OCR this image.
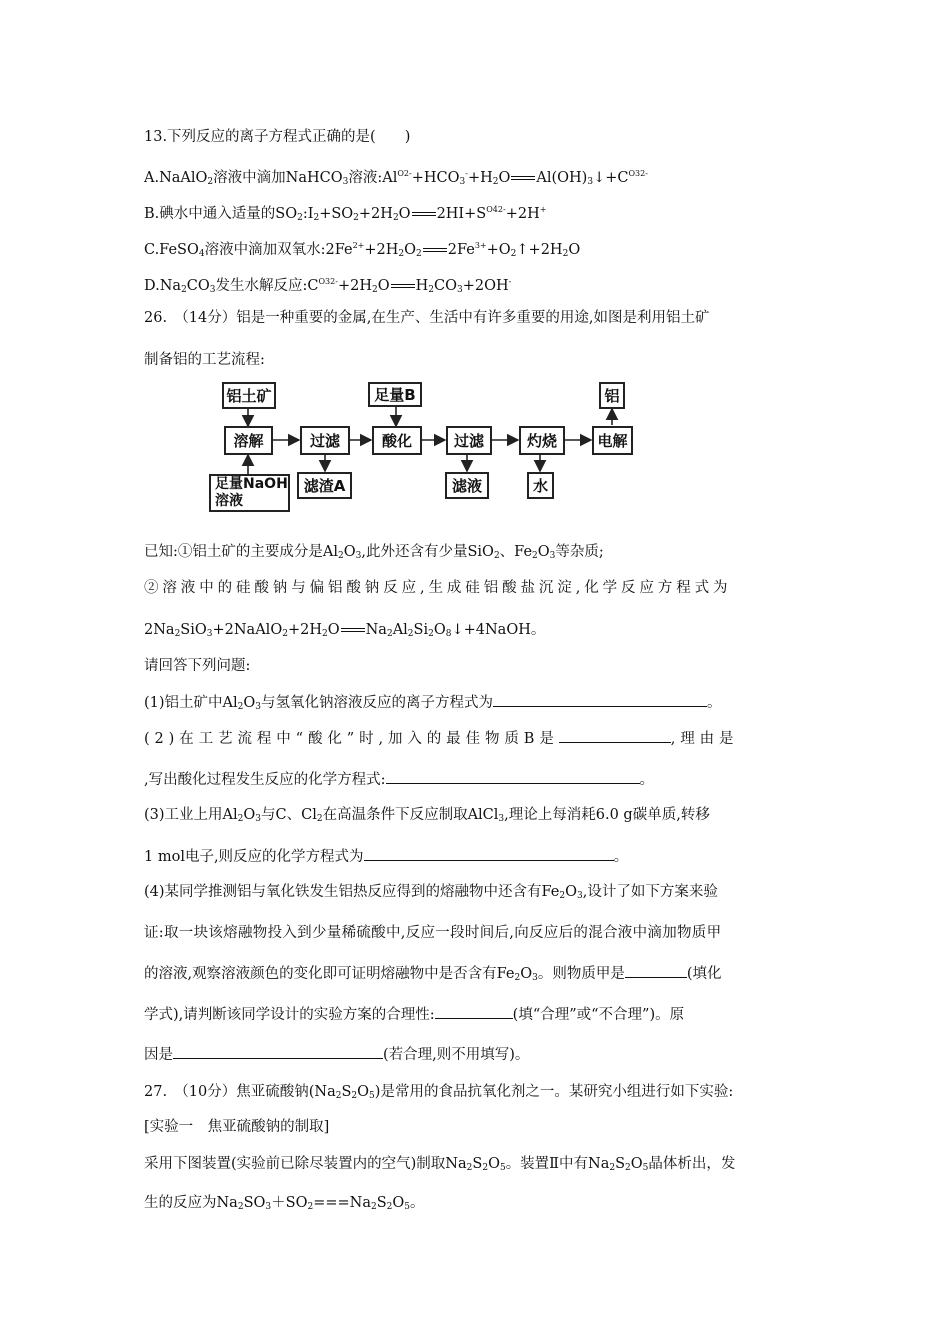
13.下列反应的离子方程式正确的是(　　)
A.NaAlO$_2$溶液中滴加NaHCO$_3$溶液$:Al^{O2-}+HCO_3^-+H_2O$ $Al(OH)_3↓+C^{O32-}$
B.碘水中通入适量的$SO_2:I_2+SO_2+2H_2O$ $2HI+S^{O42-}+2H^+$
C.FeSO$_4$溶液中滴加双氧水$:2Fe^{2+}+2H_2O_2$ $2Fe^{3+}+O_2↑+2H_2O$
$D.Na_2CO_3$发生水解反应$:C^{O32-}+2H_2O$ $H_2CO_3+2OH^-$
26.　（14分）铝是一种重要的金属,在生产、生活中有许多重要的用途,如图是利用铝土矿
制备铝的工艺流程:
铝土矿
溶解
足量NaOH
溶液
过滤
滤渣A
足量B
酸化	过滤
滤液
灼烧
水
电解
铝
已知:①铝土矿的主要成分是$Al_2O_3$,此外还含有少量SiO$_2$、$Fe_2O_3$等杂质;
②溶液中的硅酸钠与偏铝酸钠反应,生成硅铝酸盐沉淀,化学反应方程式为
$2Na_2SiO_3+2NaAlO_2+2H_2O$ $Na_2Al_2Si_2O_8↓+4NaOH$。
请回答下列问题:
(1)铝土矿中$Al_2O_3$与氢氧化钠溶液反应的离子方程式为	。
(2)在工艺流程中“酸化”时,加入的最佳物质B是	,理由是
,写出酸化过程发生反应的化学方程式:	。
(3)工业上用$Al_2O_3$与C、$Cl_2$在高温条件下反应制取AlCl$_3$,理论上每消耗6.0 g碳单质,转移
1 mol电子,则反应的化学方程式为	。
(4)某同学推测铝与氧化铁发生铝热反应得到的熔融物中还含有$Fe_2O_3$,设计了如下方案来验
证:取一块该熔融物投入到少量稀硫酸中,反应一段时间后,向反应后的混合液中滴加物质甲
的溶液,观察溶液颜色的变化即可证明熔融物中是否含有$Fe_2O_3$。则物质甲是	(填化
学式),请判断该同学设计的实验方案的合理性:	(填“合理”或“不合理”)。原
因是	(若合理,则不用填写)。
27.　（10分）焦亚硫酸钠$(Na_2S_2O_5)$是常用的食品抗氧化剂之一。某研究小组进行如下实验:
[实验一　焦亚硫酸钠的制取]
采用下图装置(实验前已除尽装置内的空气)制取$Na_2S_2O_5$。装置Ⅱ中有$Na_2S_2O_5$晶体析出，发
生的反应为$Na_2SO_3+SO_2===Na_2S_2O_5$。
